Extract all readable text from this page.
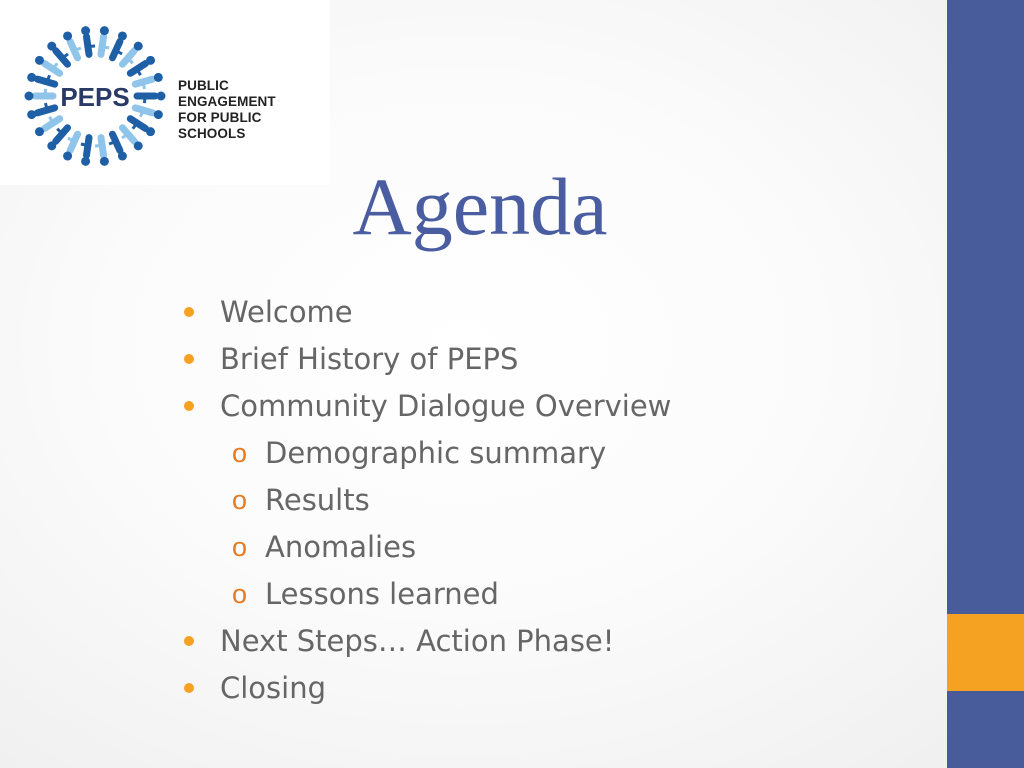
PEPS	PUBLIC ENGAGEMENT
FOR PUBLIC SCHOOLS
Agenda
Welcome
Brief History of PEPS
Community Dialogue Overview
o Demographic summary
o Results
o Anomalies
o Lessons learned
Next Steps… Action Phase!
Closing
